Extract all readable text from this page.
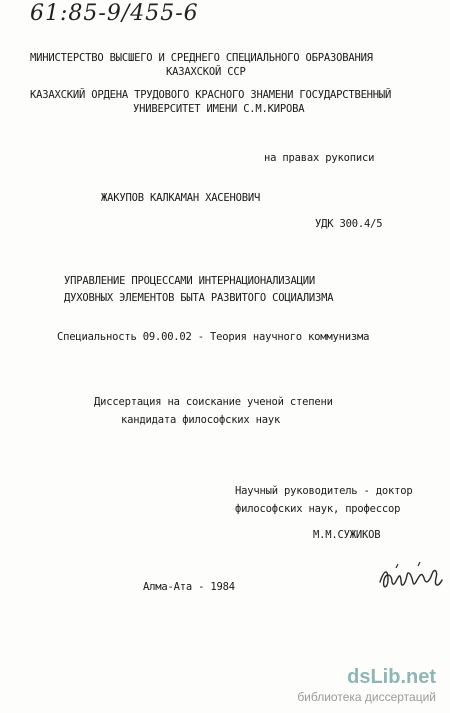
61:85-9/455-6
МИНИСТЕРСТВО ВЫСШЕГО И СРЕДНЕГО СПЕЦИАЛЬНОГО ОБРАЗОВАНИЯ
КАЗАХСКОЙ ССР
КАЗАХСКИЙ ОРДЕНА ТРУДОВОГО КРАСНОГО ЗНАМЕНИ ГОСУДАРСТВЕННЫЙ
УНИВЕРСИТЕТ ИМЕНИ С.М.КИРОВА
на правах рукописи
ЖАКУПОВ КАЛКАМАН ХАСЕНОВИЧ
УДК 300.4/5
УПРАВЛЕНИЕ ПРОЦЕССАМИ ИНТЕРНАЦИОНАЛИЗАЦИИ
ДУХОВНЫХ ЭЛЕМЕНТОВ БЫТА РАЗВИТОГО СОЦИАЛИЗМА
Специальность 09.00.02 - Теория научного коммунизма
Диссертация на соискание ученой степени
кандидата философских наук
Научный руководитель - доктор
философских наук, профессор
М.М.СУЖИКОВ
Алма-Ата - 1984
dsLib.net
библиотека диссертаций
